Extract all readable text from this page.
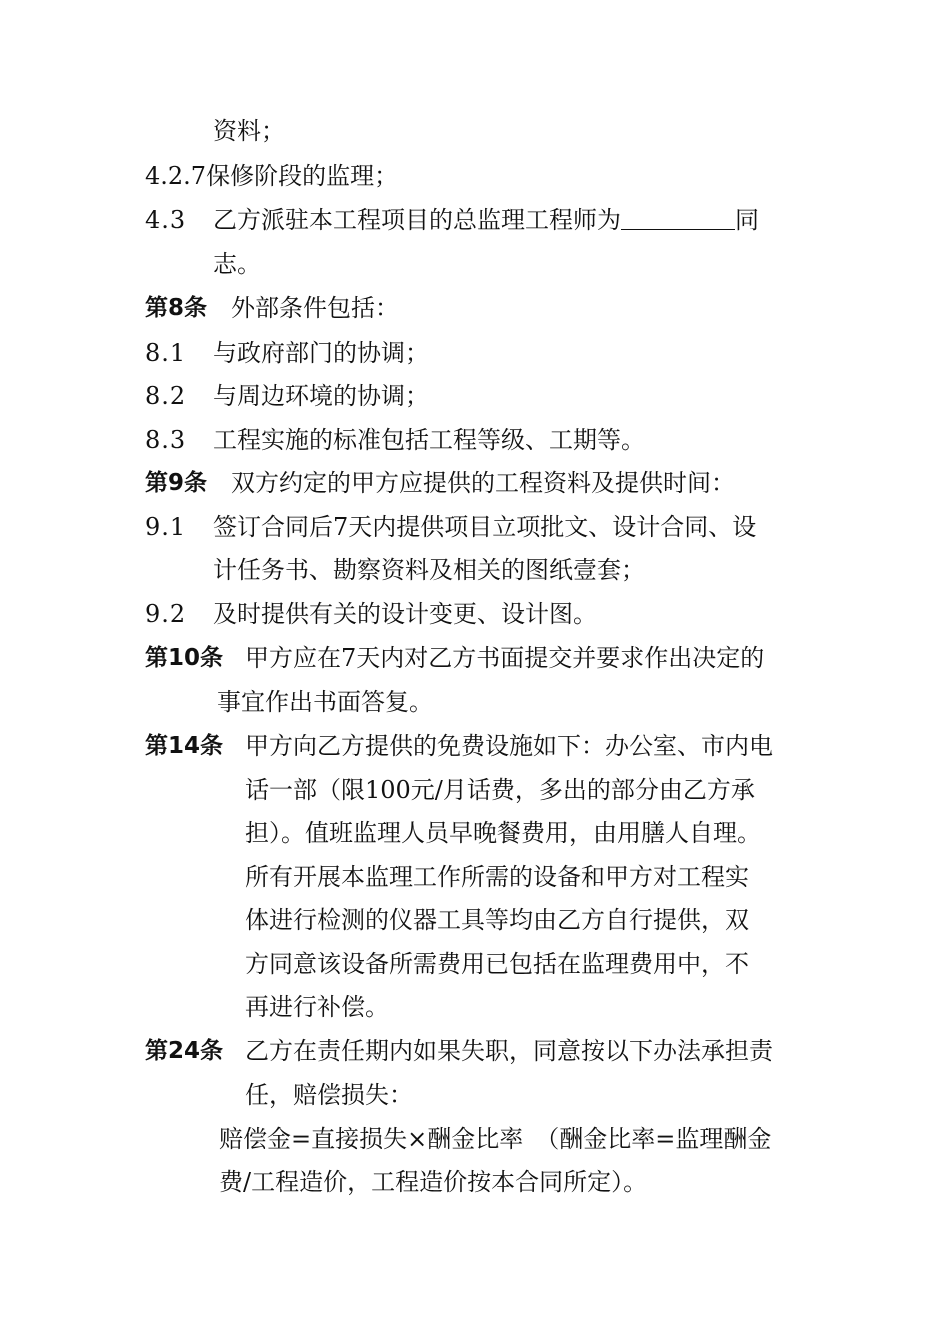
资料；
4.2.7保修阶段的监理；
4.3 乙方派驻本工程项目的总监理工程师为	同
志。
第8条 外部条件包括：
8.1 与政府部门的协调；
8.2 与周边环境的协调；
8.3 工程实施的标准包括工程等级、工期等。
第9条 双方约定的甲方应提供的工程资料及提供时间：
9.1 签订合同后7天内提供项目立项批文、设计合同、设
计任务书、勘察资料及相关的图纸壹套；
9.2 及时提供有关的设计变更、设计图。
第10条 甲方应在7天内对乙方书面提交并要求作出决定的
事宜作出书面答复。
第14条 甲方向乙方提供的免费设施如下：办公室、市内电
话一部（限100元/月话费，多出的部分由乙方承
担）。值班监理人员早晚餐费用，由用膳人自理。
所有开展本监理工作所需的设备和甲方对工程实
体进行检测的仪器工具等均由乙方自行提供，双
方同意该设备所需费用已包括在监理费用中，不
再进行补偿。
第24条 乙方在责任期内如果失职，同意按以下办法承担责
任，赔偿损失：
赔偿金=直接损失×酬金比率　（酬金比率=监理酬金
费/工程造价，工程造价按本合同所定）。
